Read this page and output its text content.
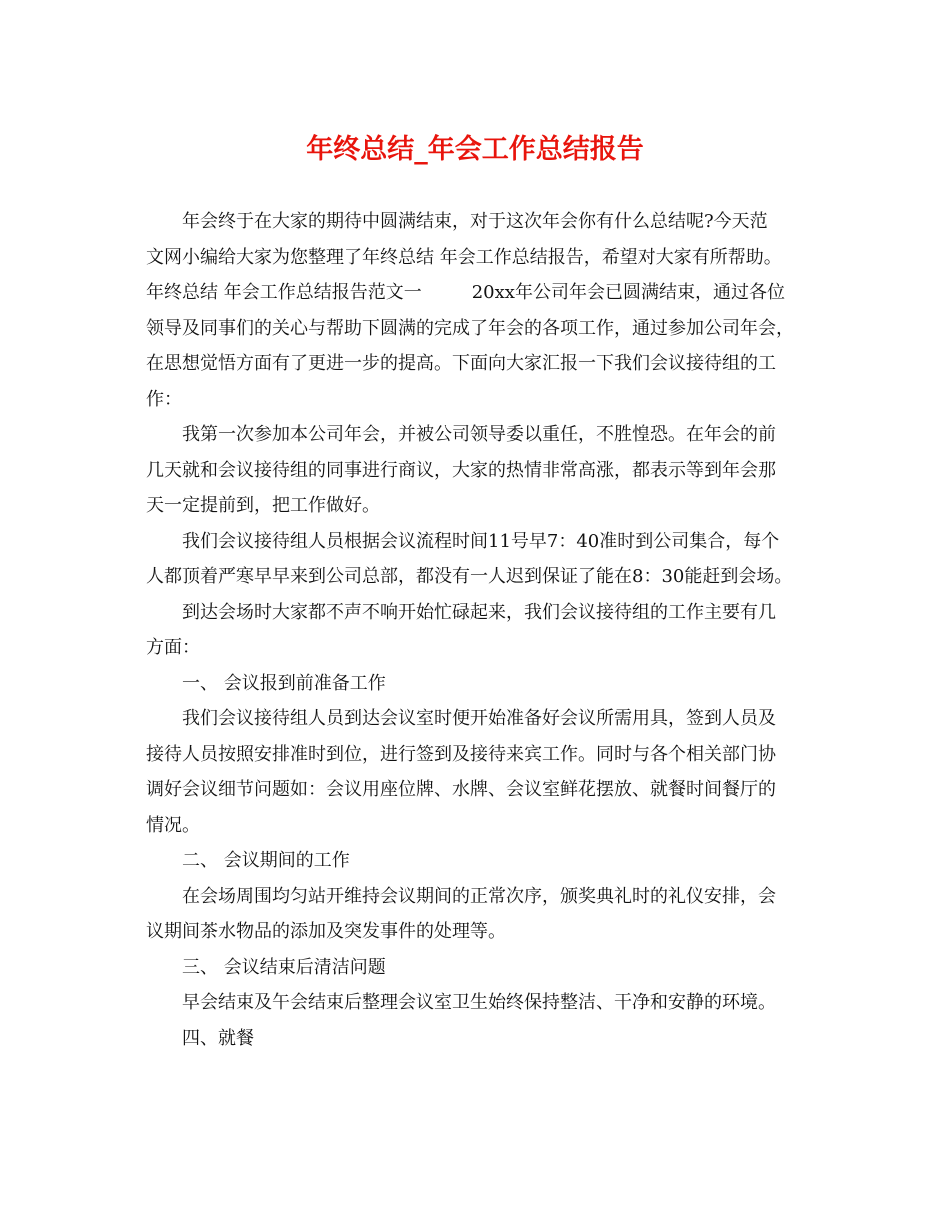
年终总结_年会工作总结报告
年会终于在大家的期待中圆满结束，对于这次年会你有什么总结呢?今天范
文网小编给大家为您整理了年终总结 年会工作总结报告，希望对大家有所帮助。
年终总结 年会工作总结报告范文一	20xx年公司年会已圆满结束，通过各位
领导及同事们的关心与帮助下圆满的完成了年会的各项工作，通过参加公司年会，
在思想觉悟方面有了更进一步的提高。下面向大家汇报一下我们会议接待组的工
作：
我第一次参加本公司年会，并被公司领导委以重任，不胜惶恐。在年会的前
几天就和会议接待组的同事进行商议，大家的热情非常高涨，都表示等到年会那
天一定提前到，把工作做好。
我们会议接待组人员根据会议流程时间11号早7：40准时到公司集合，每个
人都顶着严寒早早来到公司总部，都没有一人迟到保证了能在8：30能赶到会场。
到达会场时大家都不声不响开始忙碌起来，我们会议接待组的工作主要有几
方面：
一、 会议报到前准备工作
我们会议接待组人员到达会议室时便开始准备好会议所需用具，签到人员及
接待人员按照安排准时到位，进行签到及接待来宾工作。同时与各个相关部门协
调好会议细节问题如：会议用座位牌、水牌、会议室鲜花摆放、就餐时间餐厅的
情况。
二、 会议期间的工作
在会场周围均匀站开维持会议期间的正常次序，颁奖典礼时的礼仪安排，会
议期间茶水物品的添加及突发事件的处理等。
三、 会议结束后清洁问题
早会结束及午会结束后整理会议室卫生始终保持整洁、干净和安静的环境。
四、就餐
